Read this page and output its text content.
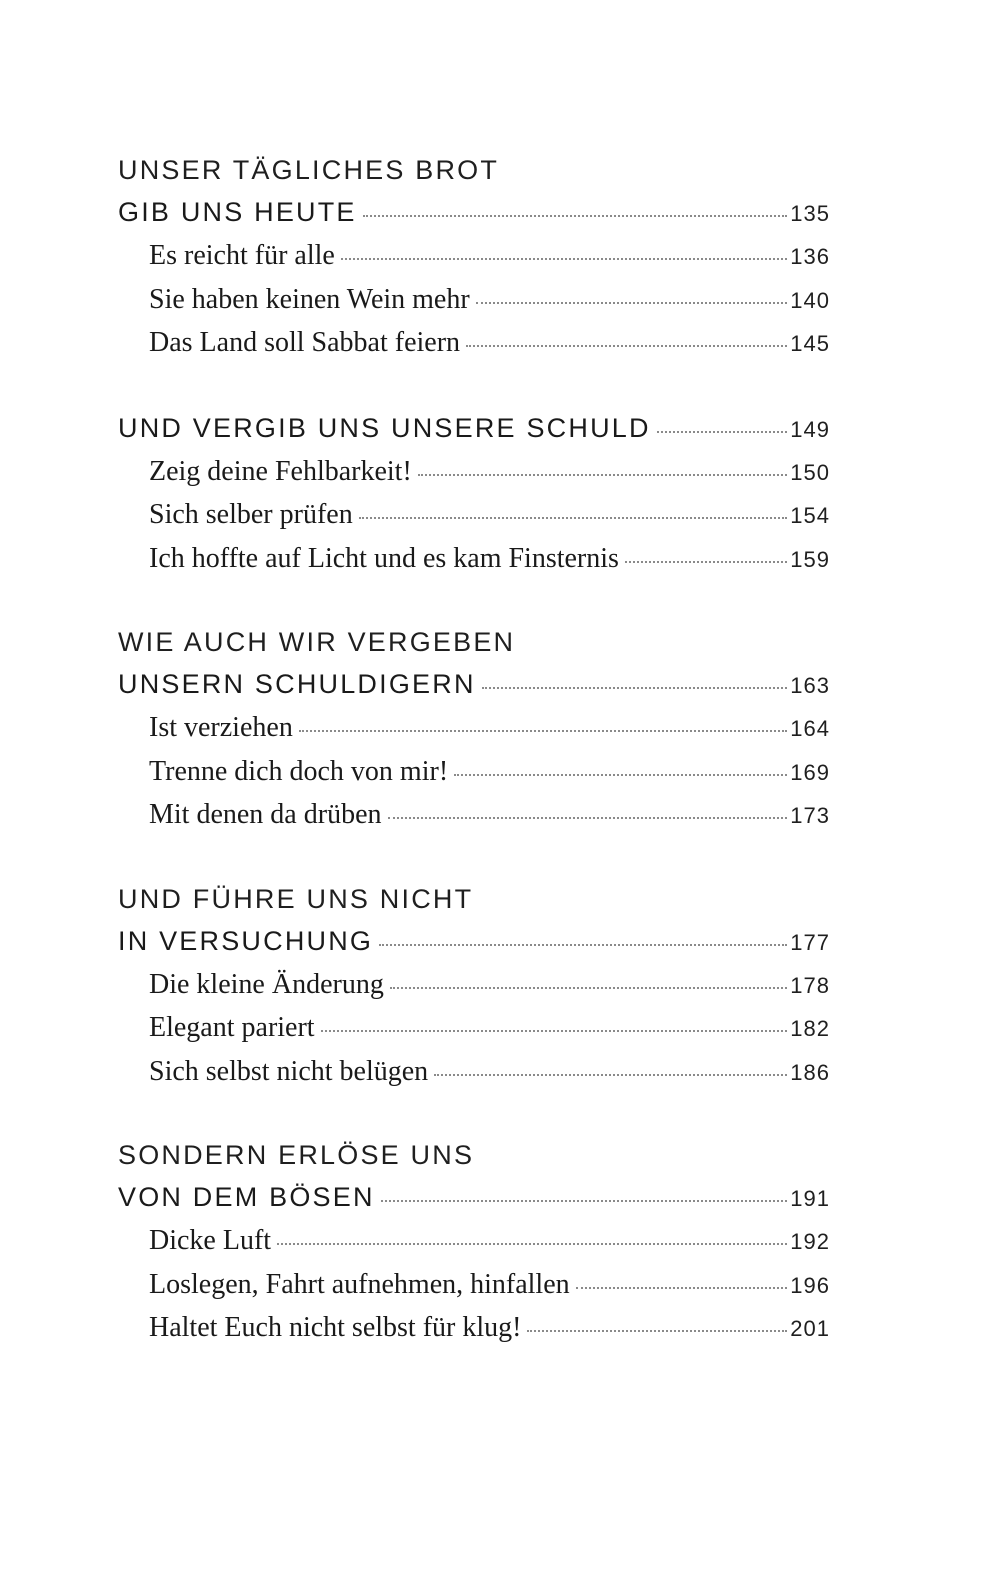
UNSER TÄGLICHES BROT
GIB UNS HEUTE	135
Es reicht für alle	136
Sie haben keinen Wein mehr	140
Das Land soll Sabbat feiern	145
UND VERGIB UNS UNSERE SCHULD	149
Zeig deine Fehlbarkeit!	150
Sich selber prüfen	154
Ich hoffte auf Licht und es kam Finsternis	159
WIE AUCH WIR VERGEBEN
UNSERN SCHULDIGERN	163
Ist verziehen	164
Trenne dich doch von mir!	169
Mit denen da drüben	173
UND FÜHRE UNS NICHT
IN VERSUCHUNG	177
Die kleine Änderung	178
Elegant pariert	182
Sich selbst nicht belügen	186
SONDERN ERLÖSE UNS
VON DEM BÖSEN	191
Dicke Luft	192
Loslegen, Fahrt aufnehmen, hinfallen	196
Haltet Euch nicht selbst für klug!	201
